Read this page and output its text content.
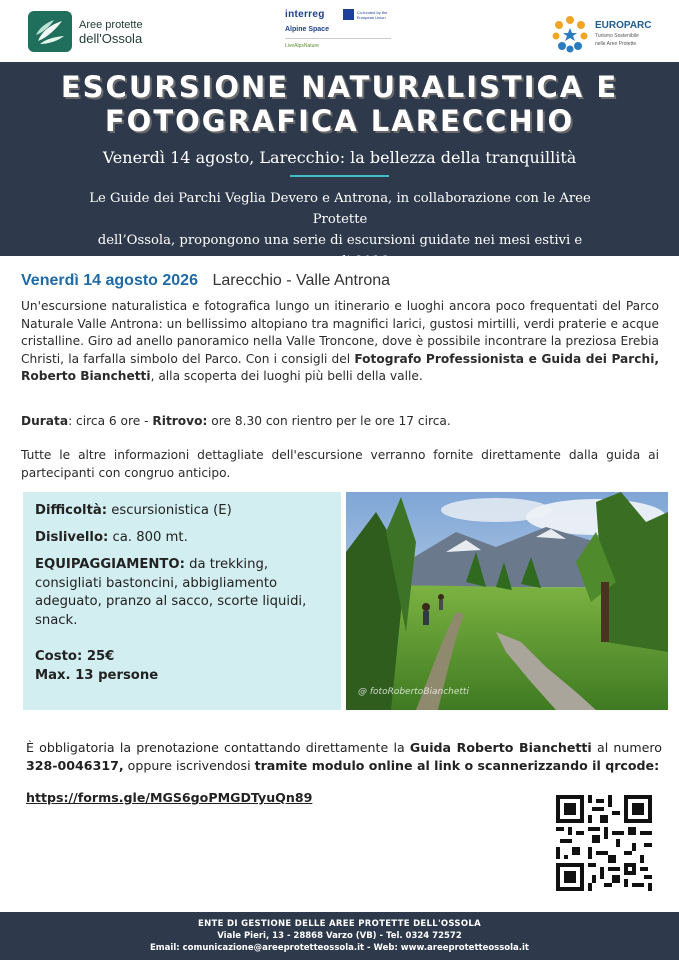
Aree protette
dell'Ossola
interreg	Co-funded by the European Union
Alpine Space
LiveAlpsNature
EUROPARC
Turismo Sostenibile
nelle Aree Protette
ESCURSIONE NATURALISTICA E
FOTOGRAFICA LARECCHIO
Venerdì 14 agosto, Larecchio: la bellezza della tranquillità
Le Guide dei Parchi Veglia Devero e Antrona, in collaborazione con le Aree Protette
dell’Ossola, propongono una serie di escursioni guidate nei mesi estivi e autunnali 2026.
Venerdì 14 agosto 2026 Larecchio - Valle Antrona
Un'escursione naturalistica e fotografica lungo un itinerario e luoghi ancora poco frequentati del Parco Naturale Valle Antrona: un bellissimo altopiano tra magnifici larici, gustosi mirtilli, verdi praterie e acque cristalline. Giro ad anello panoramico nella Valle Troncone, dove è possibile incontrare la preziosa Erebia Christi, la farfalla simbolo del Parco. Con i consigli del Fotografo Professionista e Guida dei Parchi, Roberto Bianchetti, alla scoperta dei luoghi più belli della valle.
Durata: circa 6 ore - Ritrovo: ore 8.30 con rientro per le ore 17 circa.
Tutte le altre informazioni dettagliate dell'escursione verranno fornite direttamente dalla guida ai partecipanti con congruo anticipo.
Difficoltà: escursionistica (E)
Dislivello: ca. 800 mt.
EQUIPAGGIAMENTO: da trekking, consigliati bastoncini, abbigliamento adeguato, pranzo al sacco, scorte liquidi, snack.
Costo: 25€
Max. 13 persone
@ fotoRobertoBianchetti
È obbligatoria la prenotazione contattando direttamente la Guida Roberto Bianchetti al numero 328-0046317, oppure iscrivendosi tramite modulo online al link o scannerizzando il qrcode:
https://forms.gle/MGS6goPMGDTyuQn89
ENTE DI GESTIONE DELLE AREE PROTETTE DELL'OSSOLA
Viale Pieri, 13 - 28868 Varzo (VB) - Tel. 0324 72572
Email: comunicazione@areeprotetteossola.it - Web: www.areeprotetteossola.it
